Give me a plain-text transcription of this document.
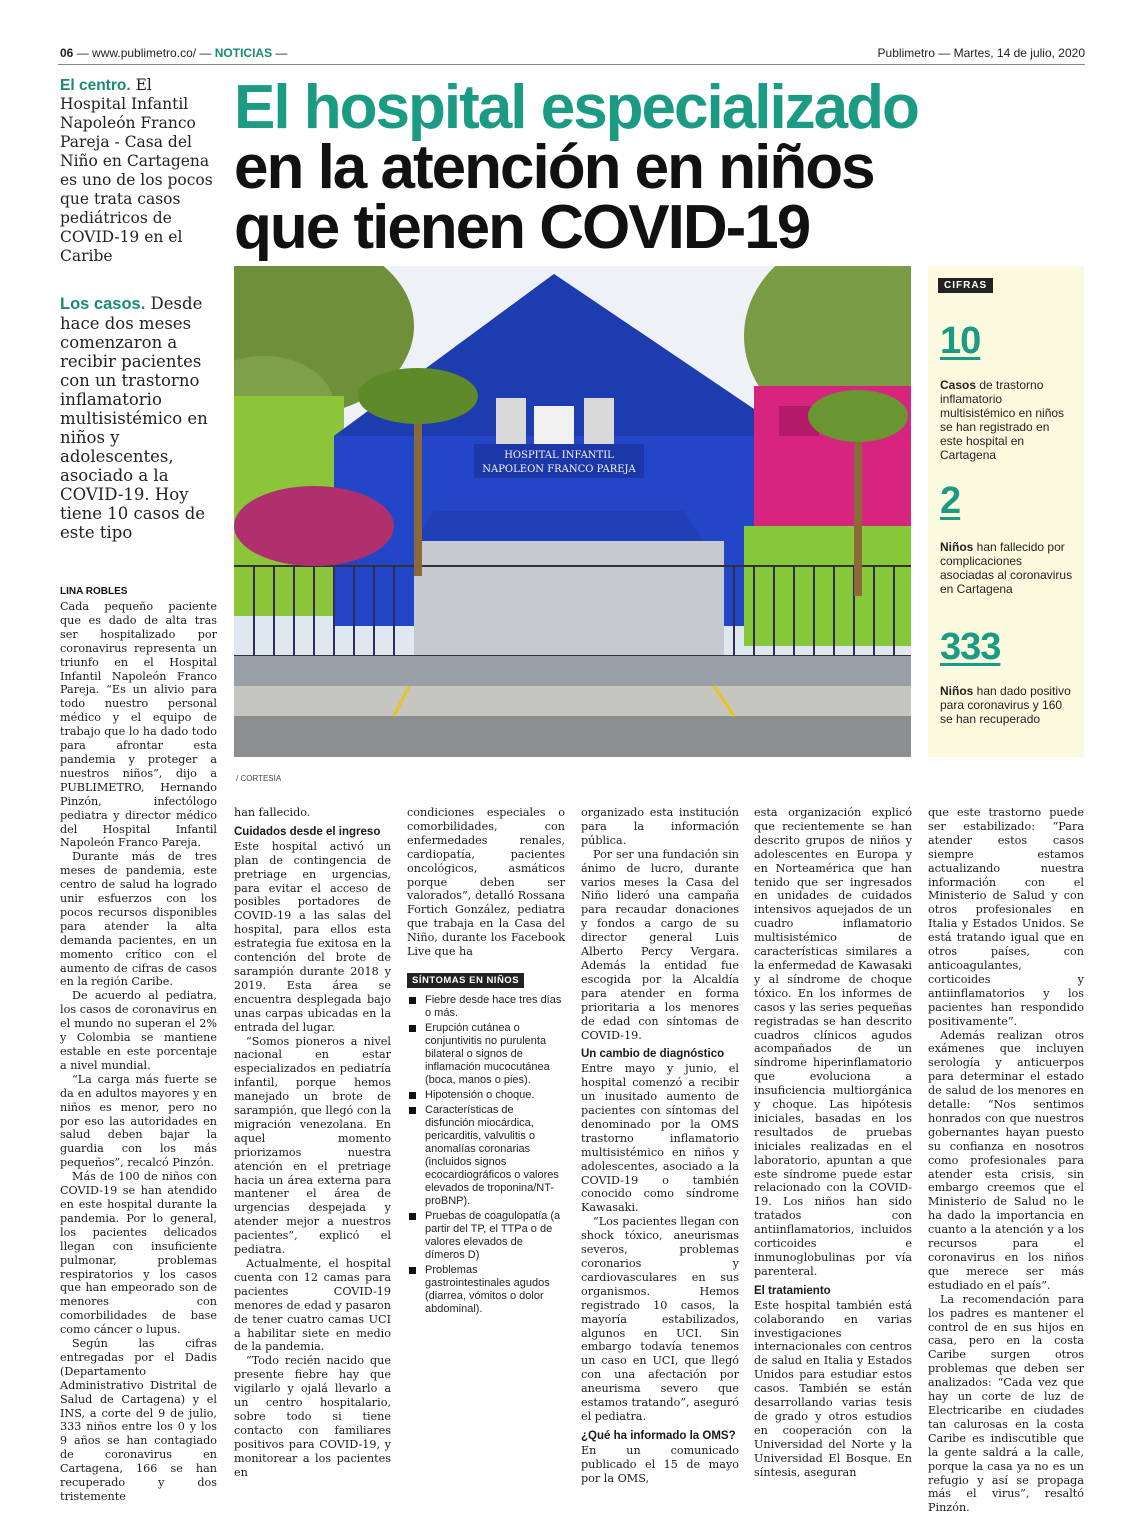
06 — www.publimetro.co/ — NOTICIAS —	Publimetro — Martes, 14 de julio, 2020
El centro. El Hospital Infantil Napoleón Franco Pareja - Casa del Niño en Cartagena es uno de los pocos que trata casos pediátricos de COVID-19 en el Caribe
Los casos. Desde hace dos meses comenzaron a recibir pacientes con un trastorno inflamatorio multisistémico en niños y adolescentes, asociado a la COVID-19. Hoy tiene 10 casos de este tipo
El hospital especializado
en la atención en niños
que tienen COVID-19
HOSPITAL INFANTIL
NAPOLEON FRANCO PAREJA
/ CORTESÍA
CIFRAS
10
Casos de trastorno inflamatorio multisistémico en niños se han registrado en este hospital en Cartagena
2
Niños han fallecido por complicaciones asociadas al coronavirus en Cartagena
333
Niños han dado positivo para coronavirus y 160 se han recuperado
LINA ROBLES

Cada pequeño paciente que es dado de alta tras ser hospitalizado por coronavirus representa un triunfo en el Hospital Infantil Napoleón Franco Pareja. “Es un alivio para todo nuestro personal médico y el equipo de trabajo que lo ha dado todo para afrontar esta pandemia y proteger a nuestros niños”, dijo a PUBLIMETRO, Hernando Pinzón, infectólogo pediatra y director médico del Hospital Infantil Napoleón Franco Pareja.

Durante más de tres meses de pandemia, este centro de salud ha logrado unir esfuerzos con los pocos recursos disponibles para atender la alta demanda pacientes, en un momento crítico con el aumento de cifras de casos en la región Caribe.

De acuerdo al pediatra, los casos de coronavirus en el mundo no superan el 2% y Colombia se mantiene estable en este porcentaje a nivel mundial.

“La carga más fuerte se da en adultos mayores y en niños es menor, pero no por eso las autoridades en salud deben bajar la guardia con los más pequeños”, recalcó Pinzón.

Más de 100 de niños con COVID-19 se han atendido en este hospital durante la pandemia. Por lo general, los pacientes delicados llegan con insuficiente pulmonar, problemas respiratorios y los casos que han empeorado son de menores con comorbilidades de base como cáncer o lupus.

Según las cifras entregadas por el Dadis (Departamento Administrativo Distrital de Salud de Cartagena) y el INS, a corte del 9 de julio, 333 niños entre los 0 y los 9 años se han contagiado de coronavirus en Cartagena, 166 se han recuperado y dos tristemente

han fallecido.

Cuidados desde el ingreso

Este hospital activó un plan de contingencia de pretriage en urgencias, para evitar el acceso de posibles portadores de COVID-19 a las salas del hospital, para ellos esta estrategia fue exitosa en la contención del brote de sarampión durante 2018 y 2019. Esta área se encuentra desplegada bajo unas carpas ubicadas en la entrada del lugar.

“Somos pioneros a nivel nacional en estar especializados en pediatría infantil, porque hemos manejado un brote de sarampión, que llegó con la migración venezolana. En aquel momento priorizamos nuestra atención en el pretriage hacia un área externa para mantener el área de urgencias despejada y atender mejor a nuestros pacientes”, explicó el pediatra.

Actualmente, el hospital cuenta con 12 camas para pacientes COVID-19 menores de edad y pasaron de tener cuatro camas UCI a habilitar siete en medio de la pandemia.

“Todo recién nacido que presente fiebre hay que vigilarlo y ojalá llevarlo a un centro hospitalario, sobre todo si tiene contacto con familiares positivos para COVID-19, y monitorear a los pacientes en

condiciones especiales o comorbilidades, con enfermedades renales, cardiopatía, pacientes oncológicos, asmáticos porque deben ser valorados”, detalló Rossana Fortich González, pediatra que trabaja en la Casa del Niño, durante los Facebook Live que ha

SÍNTOMAS EN NIÑOS
Fiebre desde hace tres días o más.
Erupción cutánea o conjuntivitis no purulenta bilateral o signos de inflamación mucocutánea (boca, manos o pies).
Hipotensión o choque.
Características de disfunción miocárdica, pericarditis, valvulitis o anomalías coronarias (incluidos signos ecocardiográficos o valores elevados de troponina/NT-proBNP).
Pruebas de coagulopatía (a partir del TP, el TTPa o de valores elevados de dímeros D)
Problemas gastrointestinales agudos (diarrea, vómitos o dolor abdominal).

organizado esta institución para la información pública.

Por ser una fundación sin ánimo de lucro, durante varios meses la Casa del Niño lideró una campaña para recaudar donaciones y fondos a cargo de su director general Luis Alberto Percy Vergara. Además la entidad fue escogida por la Alcaldía para atender en forma prioritaria a los menores de edad con síntomas de COVID-19.

Un cambio de diagnóstico

Entre mayo y junio, el hospital comenzó a recibir un inusitado aumento de pacientes con síntomas del denominado por la OMS trastorno inflamatorio multisistémico en niños y adolescentes, asociado a la COVID-19 o también conocido como síndrome Kawasaki.

“Los pacientes llegan con shock tóxico, aneurismas severos, problemas coronarios y cardiovasculares en sus organismos. Hemos registrado 10 casos, la mayoría estabilizados, algunos en UCI. Sin embargo todavía tenemos un caso en UCI, que llegó con una afectación por aneurisma severo que estamos tratando”, aseguró el pediatra.

¿Qué ha informado la OMS?

En un comunicado publicado el 15 de mayo por la OMS,

esta organización explicó que recientemente se han descrito grupos de niños y adolescentes en Europa y en Norteamérica que han tenido que ser ingresados en unidades de cuidados intensivos aquejados de un cuadro inflamatorio multisistémico de características similares a la enfermedad de Kawasaki y al síndrome de choque tóxico. En los informes de casos y las series pequeñas registradas se han descrito cuadros clínicos agudos acompañados de un síndrome hiperinflamatorio que evoluciona a insuficiencia multiorgánica y choque. Las hipótesis iniciales, basadas en los resultados de pruebas iniciales realizadas en el laboratorio, apuntan a que este síndrome puede estar relacionado con la COVID-19. Los niños han sido tratados con antiinflamatorios, incluidos corticoides e inmunoglobulinas por vía parenteral.

El tratamiento

Este hospital también está colaborando en varias investigaciones internacionales con centros de salud en Italia y Estados Unidos para estudiar estos casos. También se están desarrollando varias tesis de grado y otros estudios en cooperación con la Universidad del Norte y la Universidad El Bosque. En síntesis, aseguran

que este trastorno puede ser estabilizado: “Para atender estos casos siempre estamos actualizando nuestra información con el Ministerio de Salud y con otros profesionales en Italia y Estados Unidos. Se está tratando igual que en otros países, con anticoagulantes, corticoides y antiinflamatorios y los pacientes han respondido positivamente”.

Además realizan otros exámenes que incluyen serología y anticuerpos para determinar el estado de salud de los menores en detalle: “Nos sentimos honrados con que nuestros gobernantes hayan puesto su confianza en nosotros como profesionales para atender esta crisis, sin embargo creemos que el Ministerio de Salud no le ha dado la importancia en cuanto a la atención y a los recursos para el coronavirus en los niños que merece ser más estudiado en el país”.

La recomendación para los padres es mantener el control de en sus hijos en casa, pero en la costa Caribe surgen otros problemas que deben ser analizados: “Cada vez que hay un corte de luz de Electricaribe en ciudades tan calurosas en la costa Caribe es indiscutible que la gente saldrá a la calle, porque la casa ya no es un refugio y así se propaga más el virus”, resaltó Pinzón.
